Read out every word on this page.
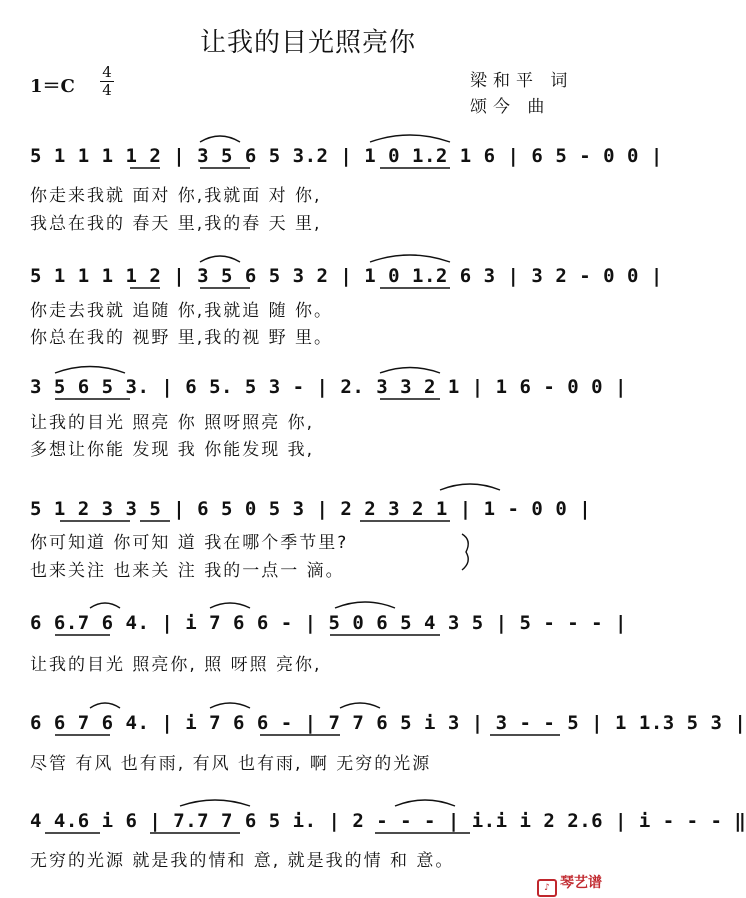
让我的目光照亮你
1＝C
4
4	梁和平 词
颂今 曲
5 1 1 1 1 2 | 3 5 6 5 3.2 | 1 0 1.2 1 6 | 6 5 - 0 0 |
你走来我就 面对 你,我就面 对 你,
我总在我的 春天 里,我的春 天 里,
5 1 1 1 1 2 | 3 5 6 5 3 2 | 1 0 1.2 6 3 | 3 2 - 0 0 |
你走去我就 追随 你,我就追 随 你。
你总在我的 视野 里,我的视 野 里。
3 5 6 5 3. | 6 5. 5 3 - | 2. 3 3 2 1 | 1 6 - 0 0 |
让我的目光 照亮 你 照呀照亮 你,
多想让你能 发现 我 你能发现 我,
5 1 2 3 3 5 | 6 5 0 5 3 | 2 2 3 2 1 | 1 - 0 0 |
你可知道 你可知 道 我在哪个季节里?
也来关注 也来关 注 我的一点一 滴。
6 6.7 6 4. | i 7 6 6 - | 5 0 6 5 4 3 5 | 5 - - - |
让我的目光 照亮你, 照 呀照 亮你,
6 6 7 6 4. | i 7 6 6 - | 7 7 6 5 i 3 | 3 - - 5 | 1 1.3 5 3 |
尽管 有风 也有雨, 有风 也有雨, 啊 无穷的光源
4 4.6 i 6 | 7.7 7 6 5 i. | 2 - - - | i.i i 2 2.6 | i - - - ‖
无穷的光源 就是我的情和 意, 就是我的情 和 意。
♪ 琴艺谱
